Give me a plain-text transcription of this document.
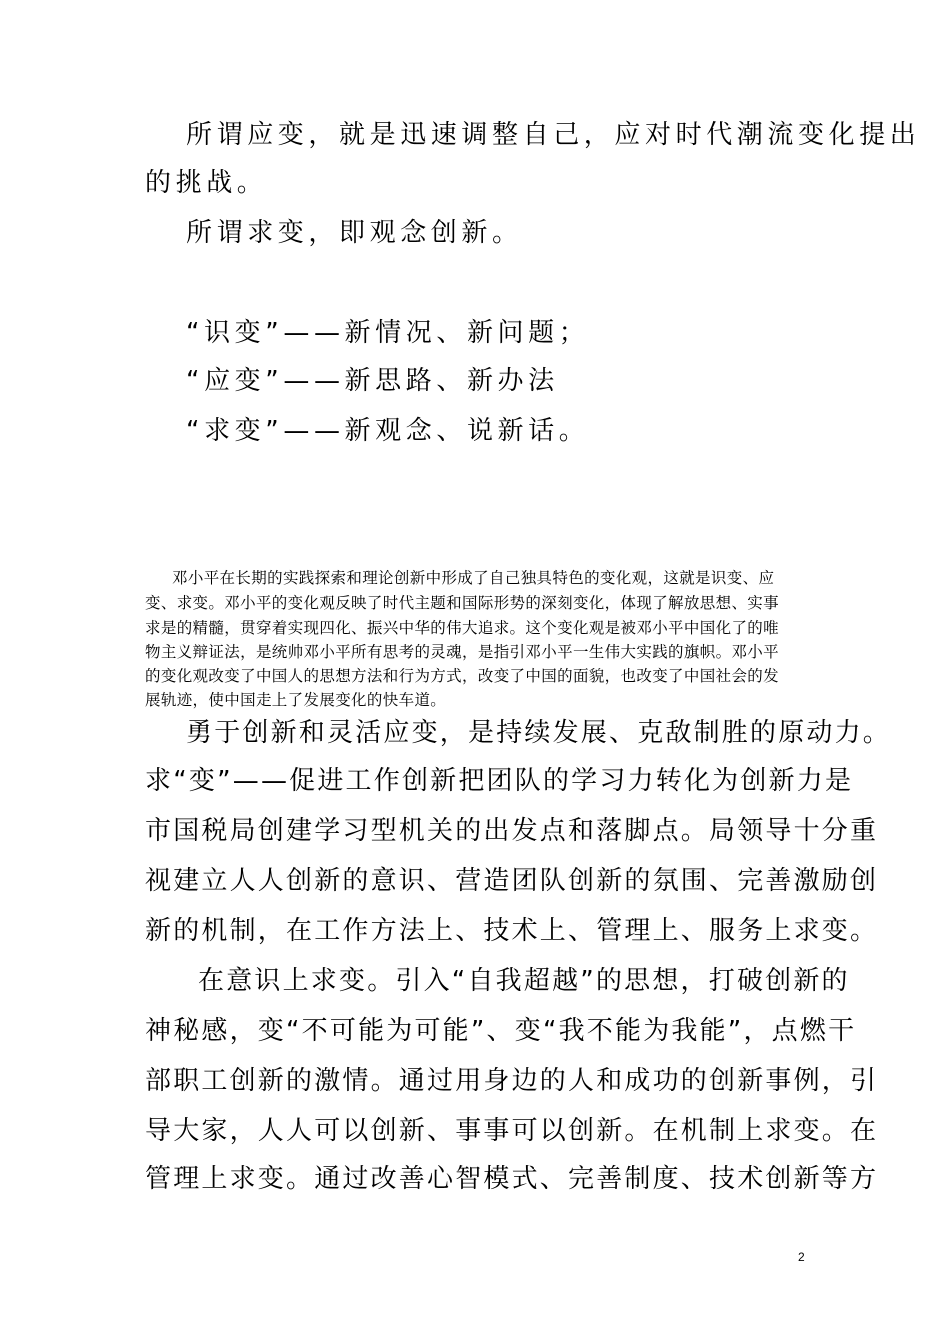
所谓应变，就是迅速调整自己，应对时代潮流变化提出

的挑战。

所谓求变，即观念创新。

“识变”——新情况、新问题；

“应变”——新思路、新办法

“求变”——新观念、说新话。

邓小平在长期的实践探索和理论创新中形成了自己独具特色的变化观，这就是识变、应

变、求变。邓小平的变化观反映了时代主题和国际形势的深刻变化，体现了解放思想、实事

求是的精髓，贯穿着实现四化、振兴中华的伟大追求。这个变化观是被邓小平中国化了的唯

物主义辩证法，是统帅邓小平所有思考的灵魂，是指引邓小平一生伟大实践的旗帜。邓小平

的变化观改变了中国人的思想方法和行为方式，改变了中国的面貌，也改变了中国社会的发

展轨迹，使中国走上了发展变化的快车道。

勇于创新和灵活应变，是持续发展、克敌制胜的原动力。

求“变”——促进工作创新把团队的学习力转化为创新力是

市国税局创建学习型机关的出发点和落脚点。局领导十分重

视建立人人创新的意识、营造团队创新的氛围、完善激励创

新的机制，在工作方法上、技术上、管理上、服务上求变。

在意识上求变。引入“自我超越”的思想，打破创新的

神秘感，变“不可能为可能”、变“我不能为我能”，点燃干

部职工创新的激情。通过用身边的人和成功的创新事例，引

导大家，人人可以创新、事事可以创新。在机制上求变。在

管理上求变。通过改善心智模式、完善制度、技术创新等方

2
